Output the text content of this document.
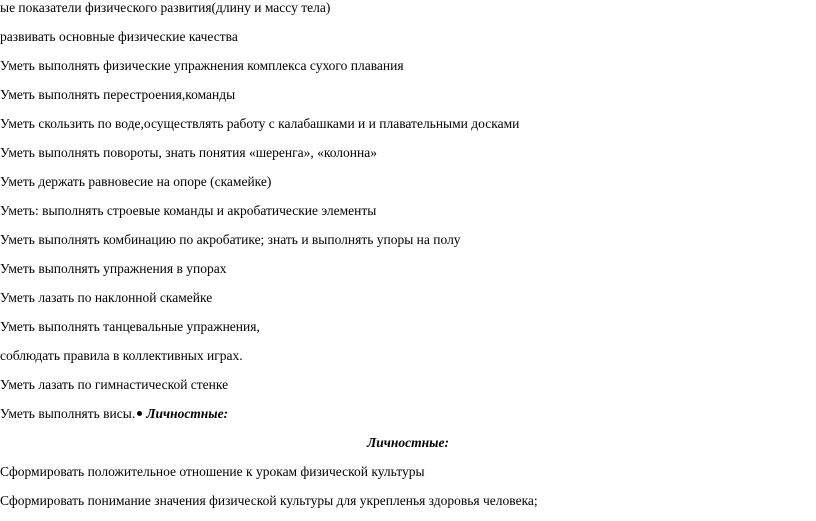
ые показатели физического развития(длину и массу тела)
развивать основные физические качества
Уметь выполнять физические упражнения комплекса сухого плавания
Уметь выполнять перестроения,команды
Уметь скользить по воде,осуществлять работу с калабашками и и плавательными досками
Уметь выполнять повороты, знать понятия «шеренга», «колонна»
Уметь держать равновесие на опоре (скамейке)
Уметь: выполнять строевые команды и акробатические элементы
Уметь выполнять комбинацию по акробатике; знать и выполнять упоры на полу
Уметь выполнять упражнения в упорах
Уметь лазать по наклонной скамейке
Уметь выполнять танцевальные упражнения,
соблюдать правила в коллективных играх.
Уметь лазать по гимнастической стенке
Уметь выполнять висы. Личностные:
Личностные:
Сформировать положительное отношение к урокам физической культуры
Сформировать понимание значения физической культуры для укрепленья здоровья человека;
